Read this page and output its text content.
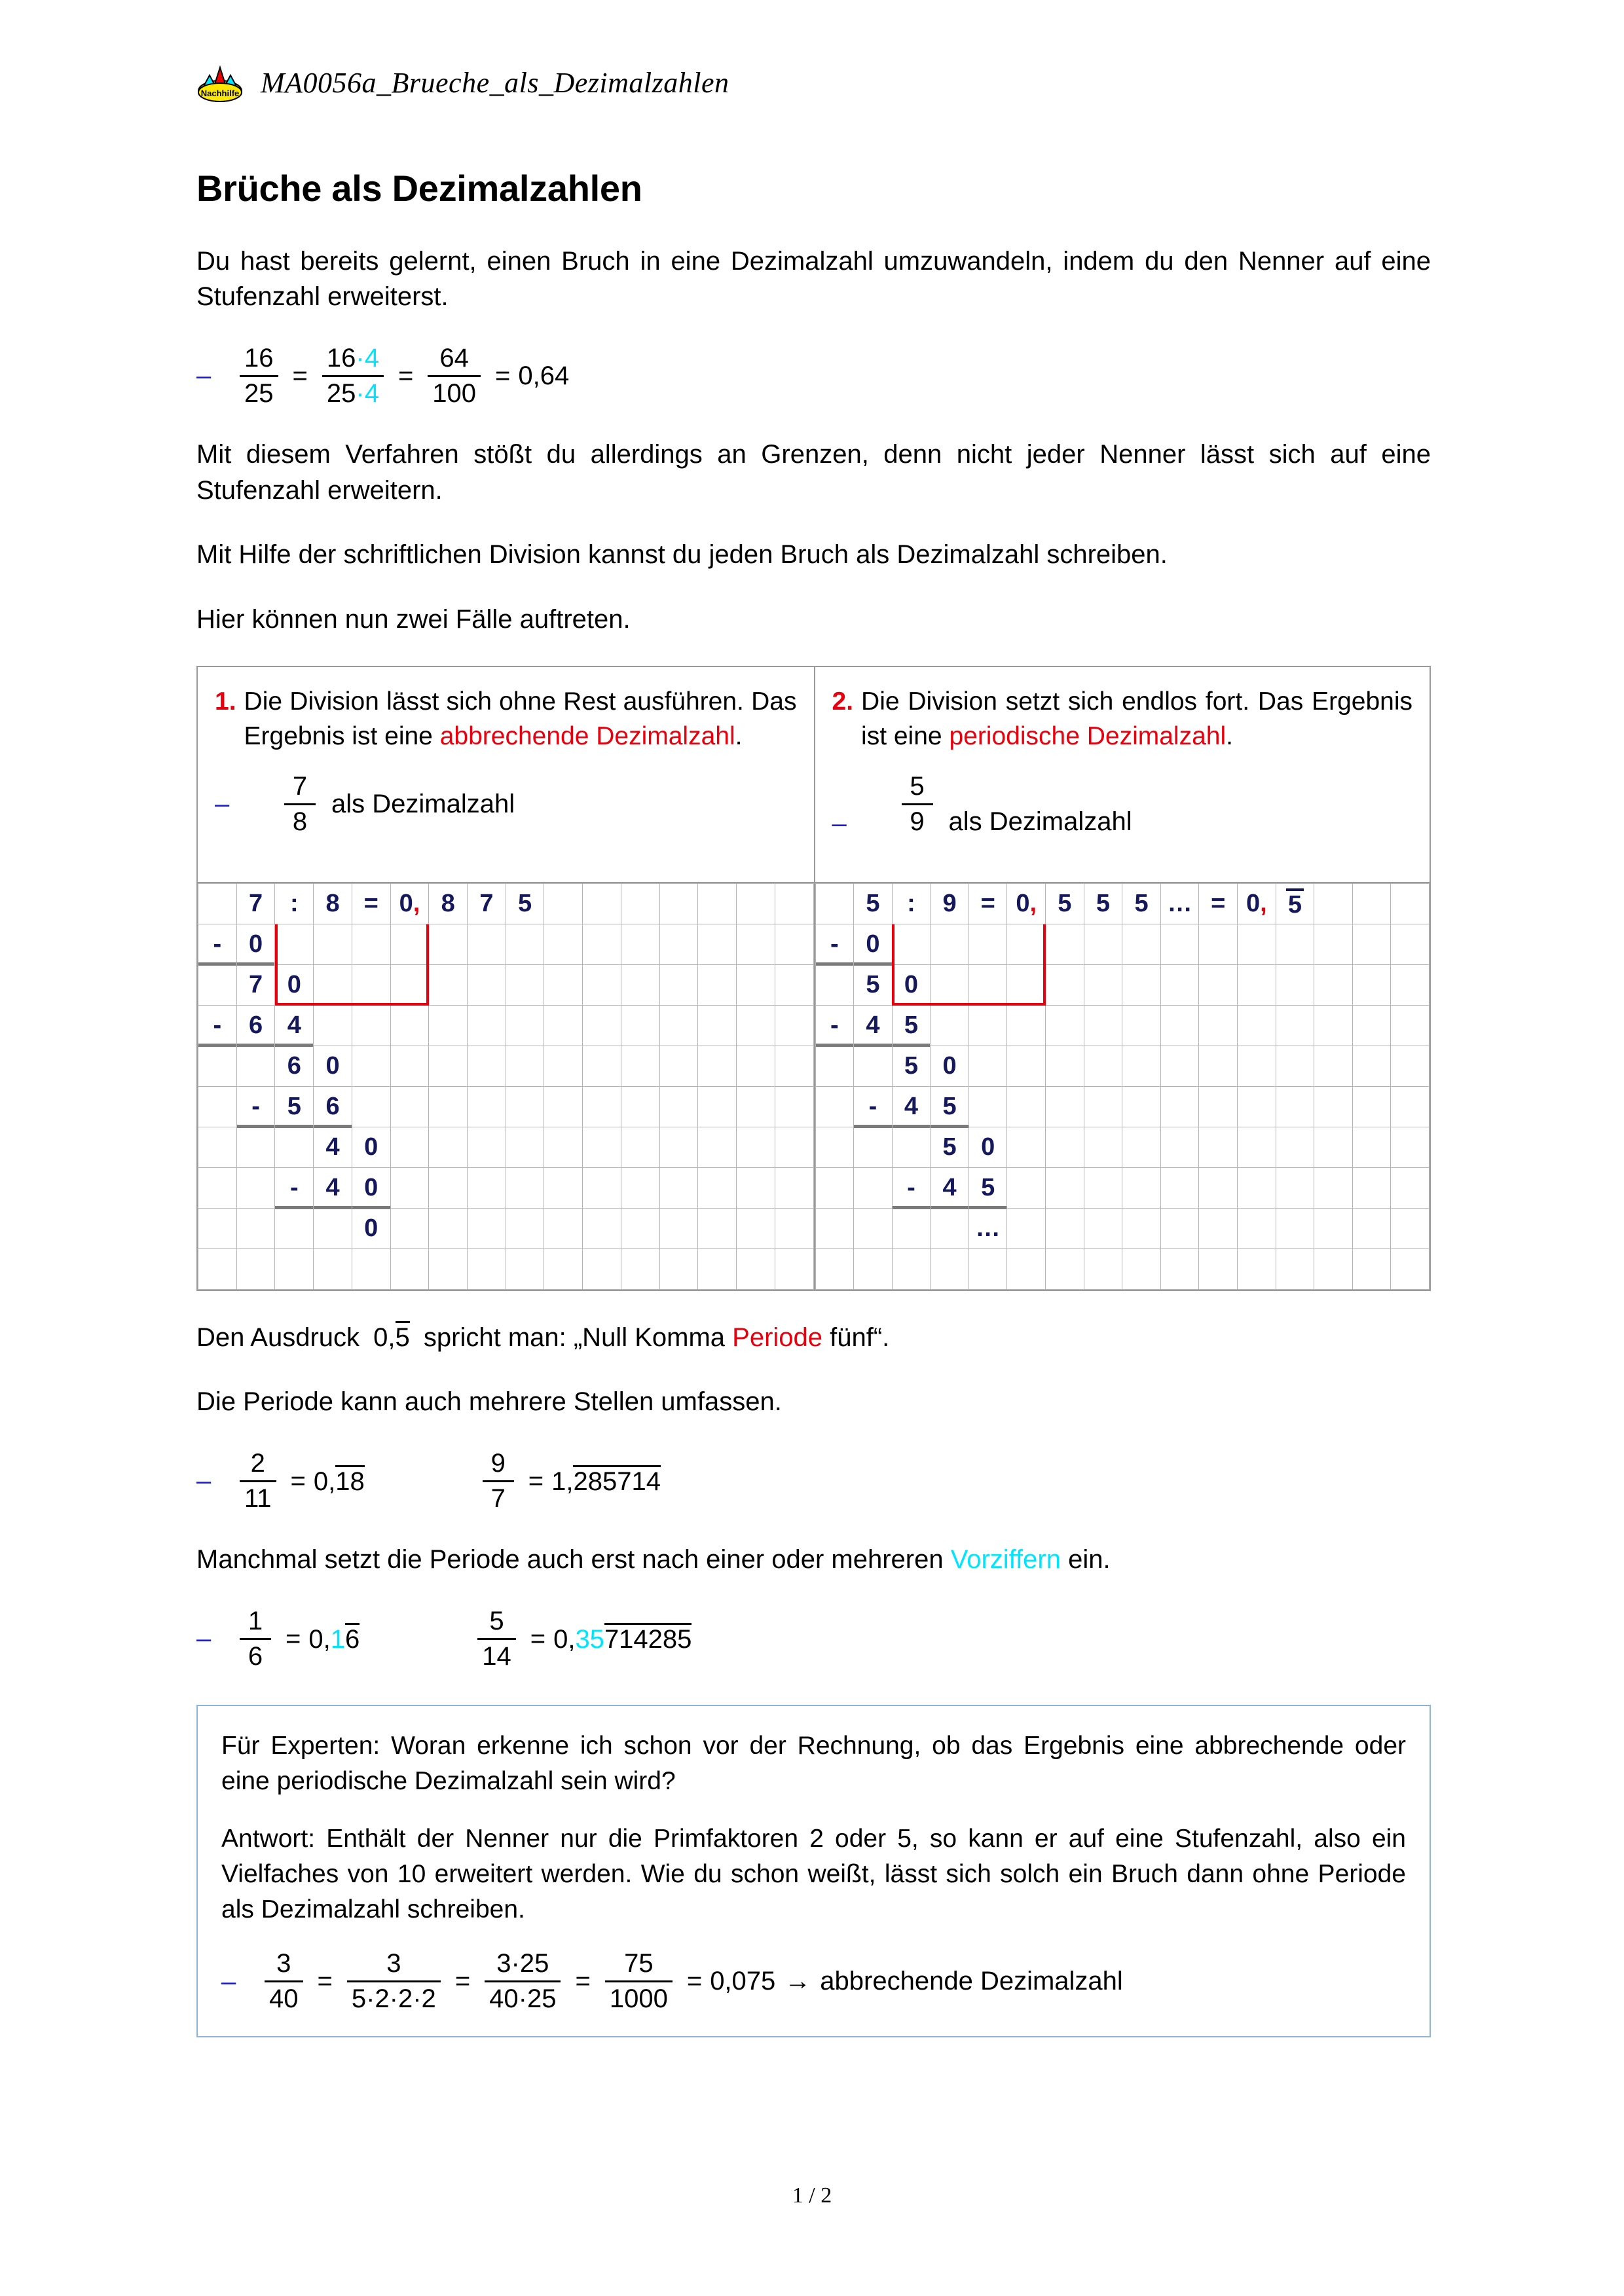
Nachhilfe MA0056a_Brueche_als_Dezimalzahlen
Brüche als Dezimalzahlen

Du hast bereits gelernt, einen Bruch in eine Dezimalzahl umzuwandeln, indem du den Nenner auf eine Stufenzahl erweiterst.

–	$\frac{16}{25} = \frac{16\cdot 4}{25\cdot 4} = \frac{64}{100} = 0,64$

Mit diesem Verfahren stößt du allerdings an Grenzen, denn nicht jeder Nenner lässt sich auf eine Stufenzahl erweitern.

Mit Hilfe der schriftlichen Division kannst du jeden Bruch als Dezimalzahl schreiben.

Hier können nun zwei Fälle auftreten.

1. Die Division lässt sich ohne Rest ausführen. Das Ergebnis ist eine abbrechende Dezimalzahl.
–	$\frac{7}{8}$ als Dezimalzahl
2. Die Division setzt sich endlos fort. Das Ergebnis ist eine periodische Dezimalzahl.
–	$\frac{5}{9}$ als Dezimalzahl
	7	:	8	=	0,	8	7	5							
-	0														
	7	0													
-	6	4													
		6	0												
	-	5	6												
			4	0											
		-	4	0											
				0											

	5	:	9	=	0,	5	5	5	…	=	0,	5			
-	0														
	5	0													
-	4	5													
		5	0												
	-	4	5												
			5	0											
		-	4	5											
				…											

Den Ausdruck 0,5 spricht man: „Null Komma Periode fünf“.

Die Periode kann auch mehrere Stellen umfassen.

–	$\frac{2}{11} = 0,18$	$\frac{9}{7} = 1,285714$

Manchmal setzt die Periode auch erst nach einer oder mehreren Vorziffern ein.

–	$\frac{1}{6} = 0,16$	$\frac{5}{14} = 0,35714285$

Für Experten: Woran erkenne ich schon vor der Rechnung, ob das Ergebnis eine abbrechende oder eine periodische Dezimalzahl sein wird?

Antwort: Enthält der Nenner nur die Primfaktoren 2 oder 5, so kann er auf eine Stufenzahl, also ein Vielfaches von 10 erweitert werden. Wie du schon weißt, lässt sich solch ein Bruch dann ohne Periode als Dezimalzahl schreiben.

–	$\frac{3}{40} = \frac{3}{5\cdot 2\cdot 2\cdot 2} = \frac{3\cdot 25}{40\cdot 25} = \frac{75}{1000} = 0,075$ → abbrechende Dezimalzahl
1 / 2
